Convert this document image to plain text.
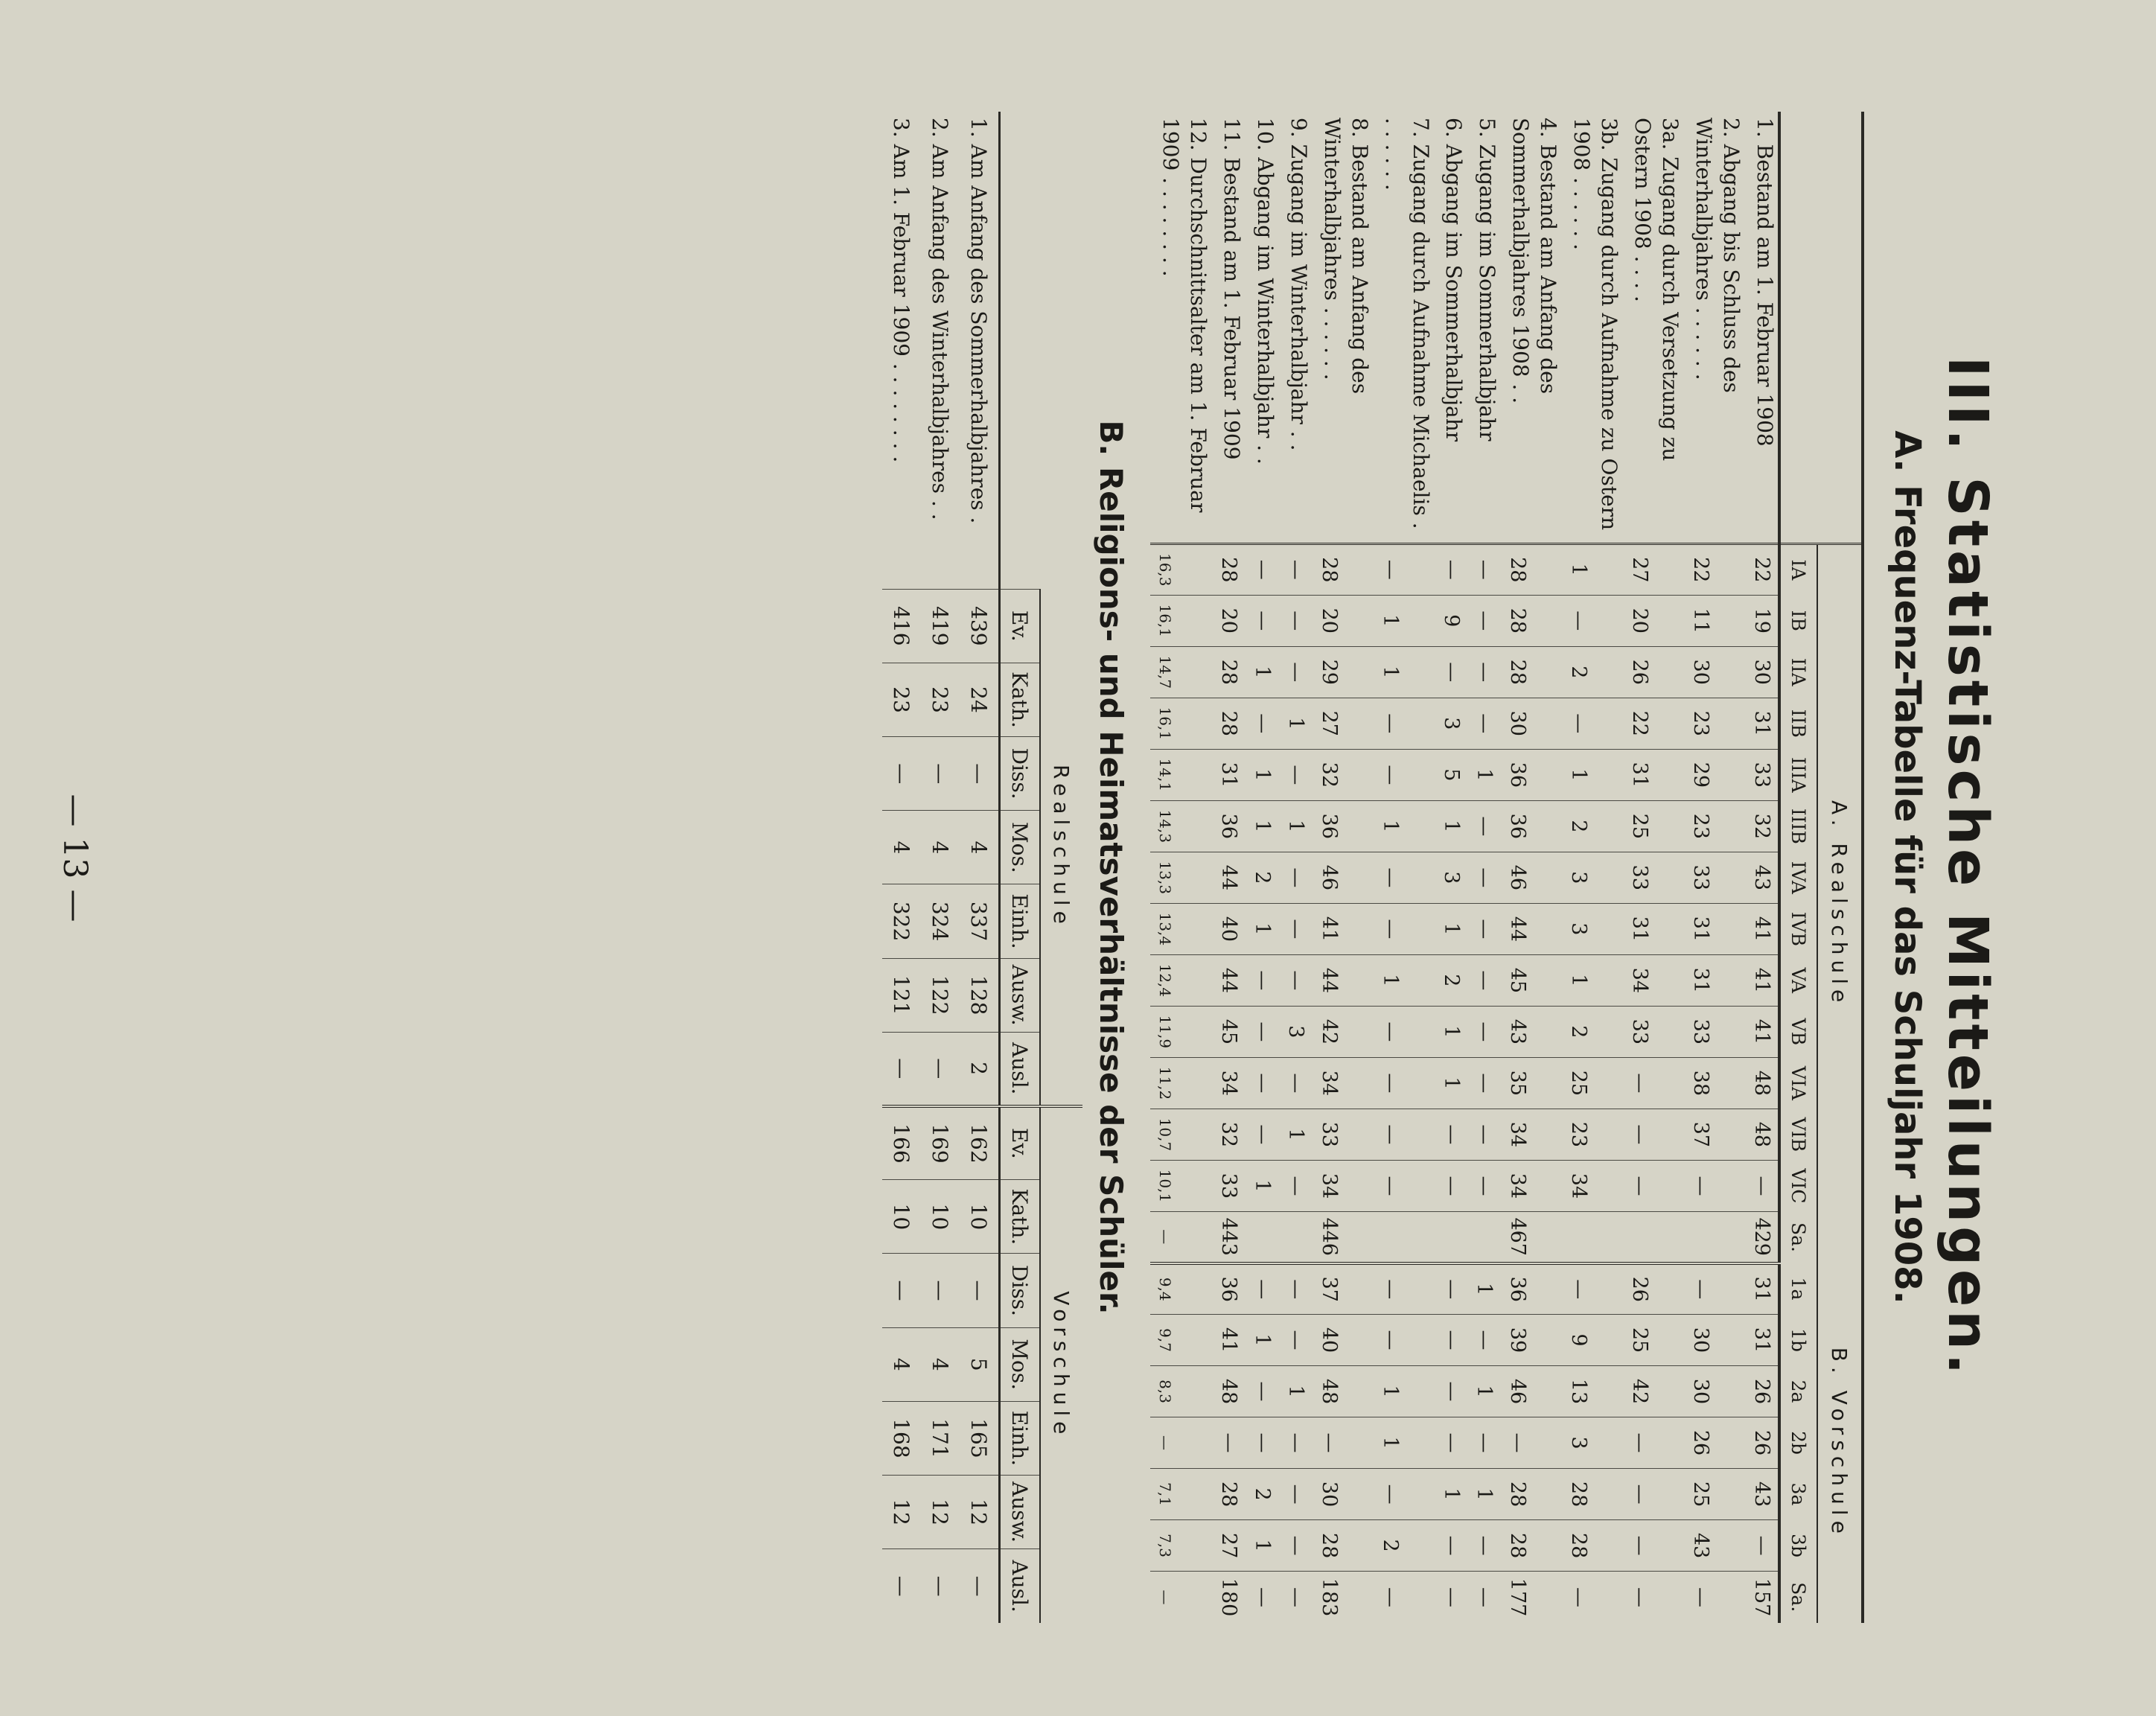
— 13 —	III. Statistische Mitteilungen.
A. Frequenz-Tabelle für das Schuljahr 1908.
	A. Realschule														B. Vorschule						
	IA	IB	IIA	IIB	IIIA	IIIB	IVA	IVB	VA	VB	VIA	VIB	VIC	Sa.	1a	1b	2a	2b	3a	3b	Sa.
1. Bestand am 1. Februar 1908	22	19	30	31	33	32	43	41	41	41	48	48	—	429	31	31	26	26	43	—	157
2. Abgang bis Schluss des Winterhalbjahres . . . . . .	22	11	30	23	29	23	33	31	31	33	38	37	—		—	30	30	26	25	43	—
3a. Zugang durch Versetzung zu Ostern 1908 . . . .	27	20	26	22	31	25	33	31	34	33	—	—	—		26	25	42	—	—	—	—
3b. Zugang durch Aufnahme zu Ostern 1908 . . . . . .	1	—	2	—	1	2	3	3	1	2	25	23	34		—	9	13	3	28	28	—
4. Bestand am Anfang des Sommerhalbjahres 1908 . .	28	28	28	30	36	36	46	44	45	43	35	34	34	467	36	39	46	—	28	28	177
5. Zugang im Sommerhalbjahr	—	—	—	—	1	—	—	—	—	—	—	—	—		1	—	1	—	1	—	—
6. Abgang im Sommerhalbjahr	—	9	—	3	5	1	3	1	2	1	1	—	—		—	—	—	—	1	—	—
7. Zugang durch Aufnahme Michaelis . . . . . . .	—	1	1	—	—	1	—	—	1	—	—	—	—		—	—	1	1	—	2	—
8. Bestand am Anfang des Winterhalbjahres . . . . . .	28	20	29	27	32	36	46	41	44	42	34	33	34	446	37	40	48	—	30	28	183
9. Zugang im Winterhalbjahr . .	—	—	—	1	—	1	—	—	—	3	—	1	—		—	—	1	—	—	—	—
10. Abgang im Winterhalbjahr . .	—	—	1	—	1	1	2	1	—	—	—	—	1		—	1	—	—	2	1	—
11. Bestand am 1. Februar 1909	28	20	28	28	31	36	44	40	44	45	34	32	33	443	36	41	48	—	28	27	180
12. Durchschnittsalter am 1. Februar 1909 . . . . . . . .	16,3	16,1	14,7	16,1	14,1	14,3	13,3	13,4	12,4	11,9	11,2	10,7	10,1	—	9,4	9,7	8,3	—	7,1	7,3	—
B. Religions- und Heimatsverhältnisse der Schüler.
	Realschule							Vorschule						
	Ev.	Kath.	Diss.	Mos.	Einh.	Ausw.	Ausl.	Ev.	Kath.	Diss.	Mos.	Einh.	Ausw.	Ausl.
1. Am Anfang des Sommerhalbjahres .	439	24	—	4	337	128	2	162	10	—	5	165	12	—
2. Am Anfang des Winterhalbjahres . .	419	23	—	4	324	122	—	169	10	—	4	171	12	—
3. Am 1. Februar 1909 . . . . . . . .	416	23	—	4	322	121	—	166	10	—	4	168	12	—
